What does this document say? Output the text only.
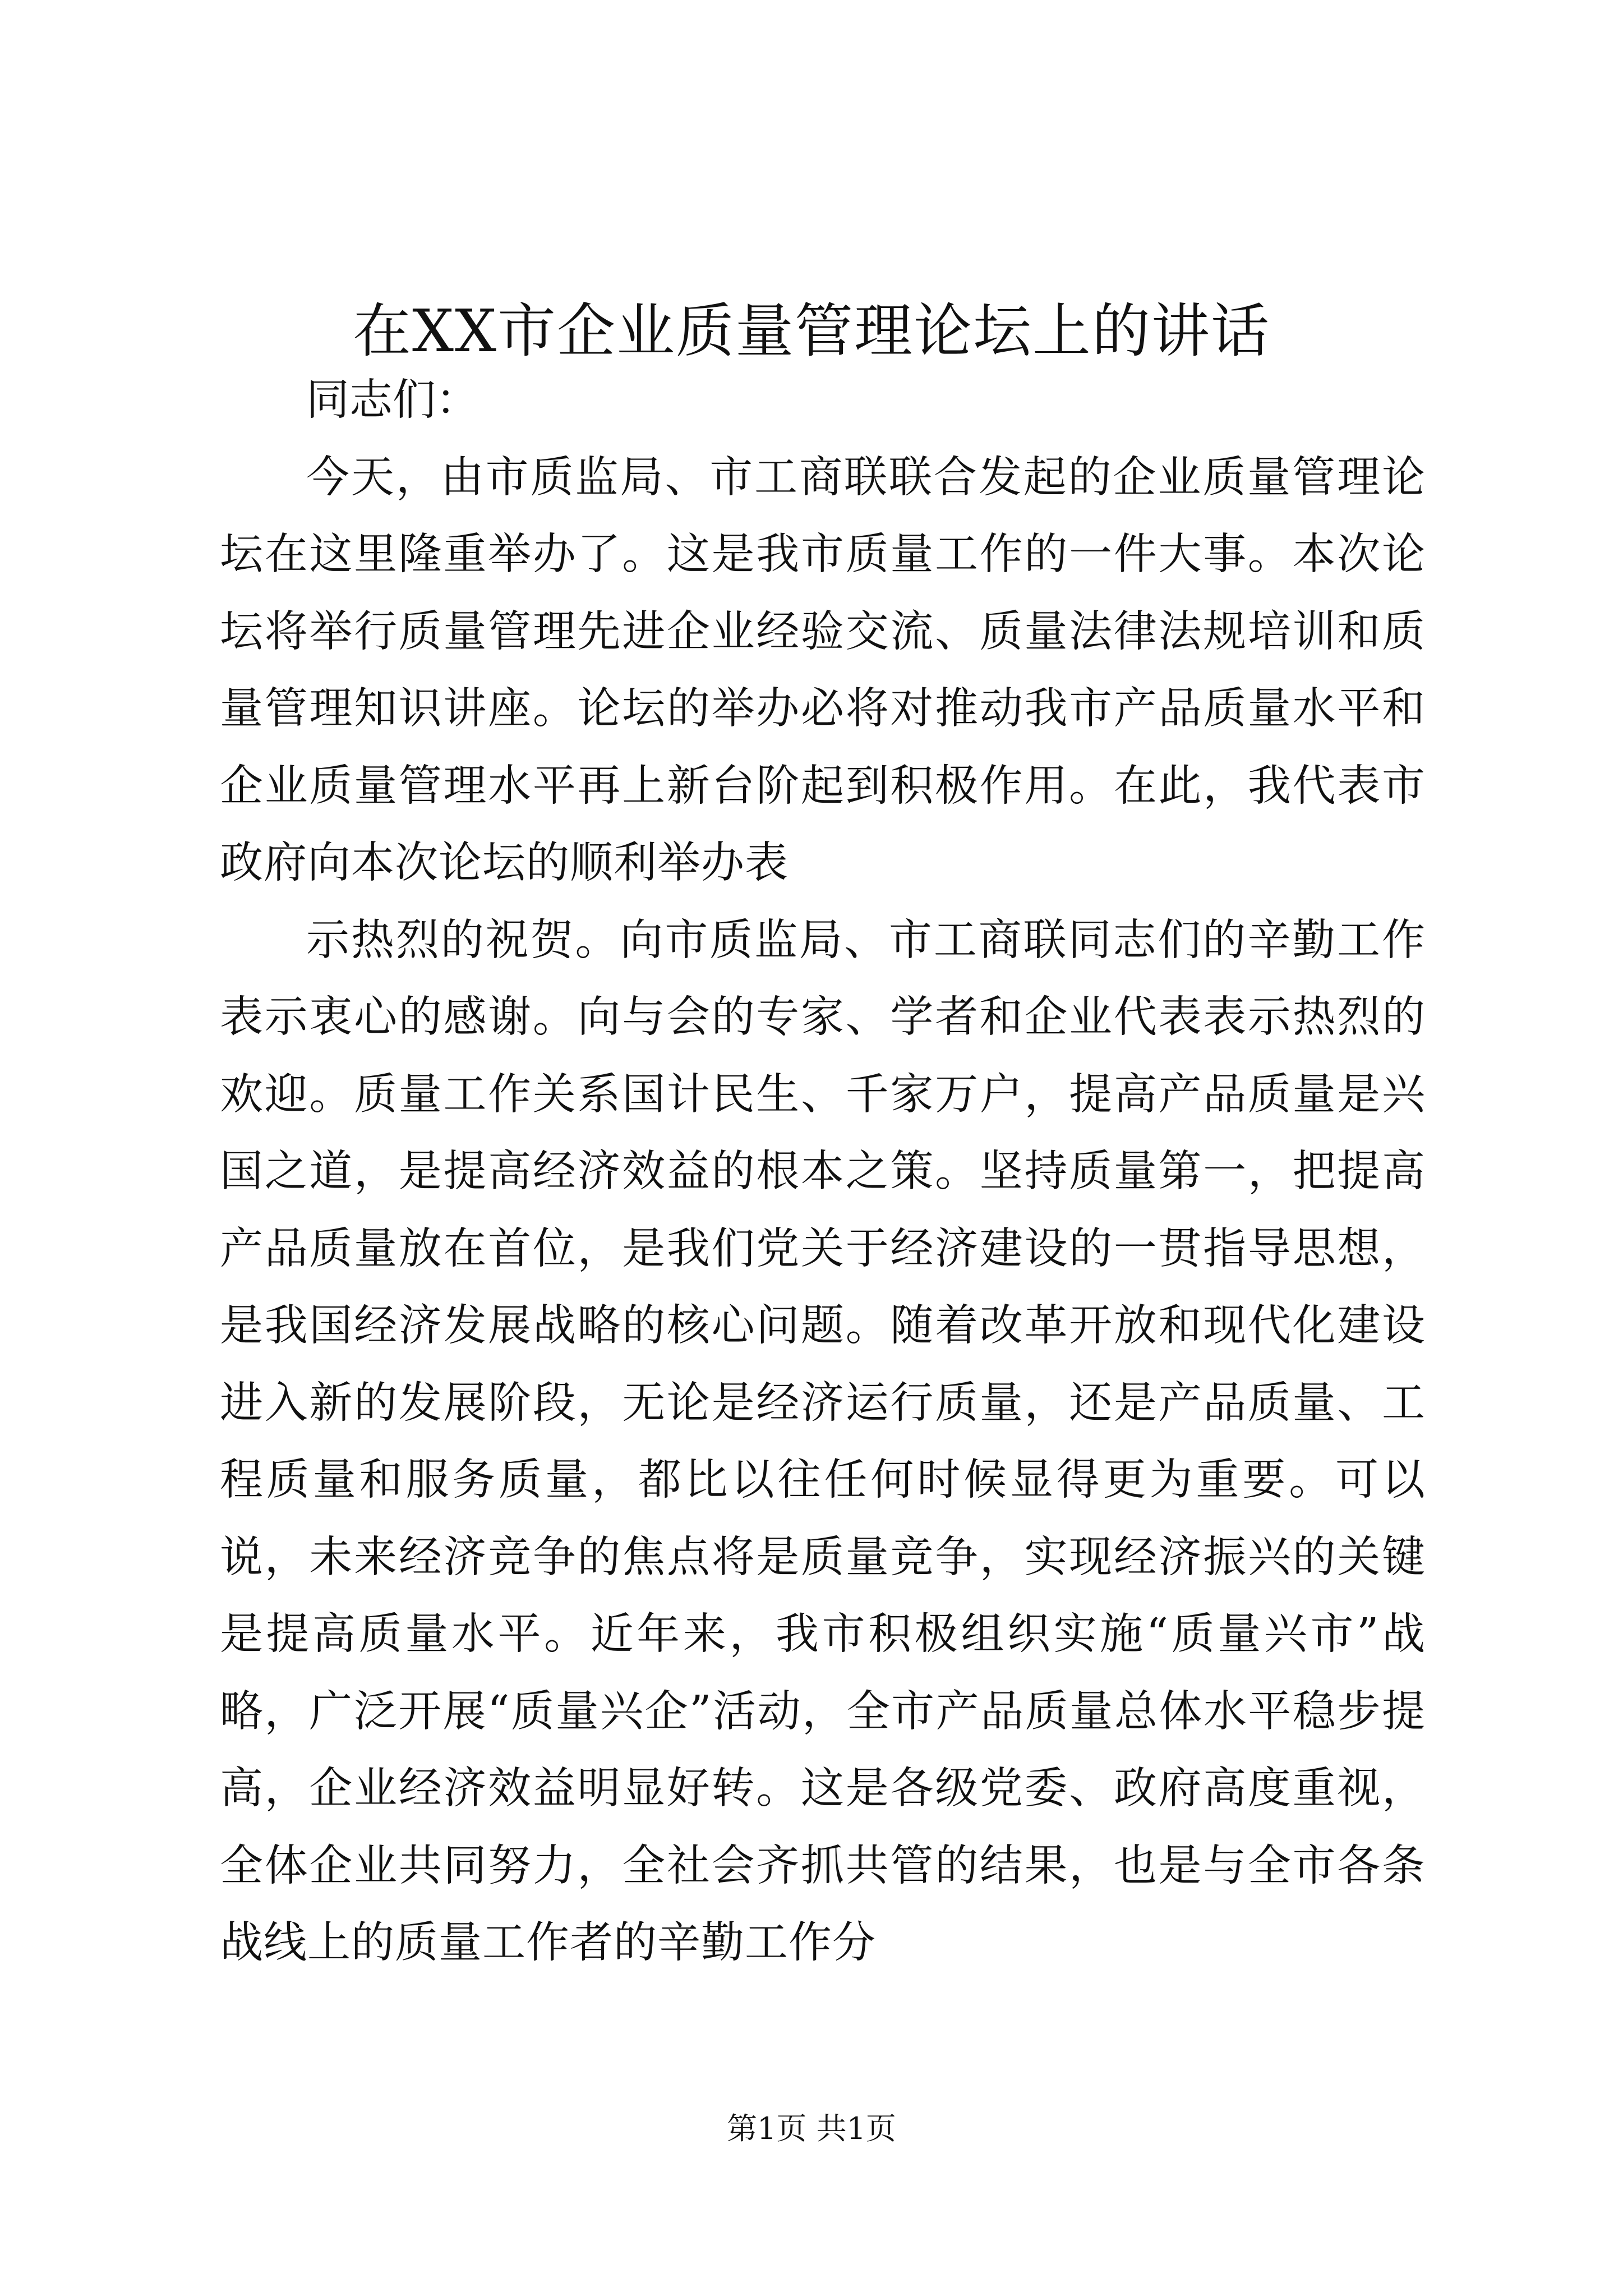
在XX市企业质量管理论坛上的讲话

同志们：

今天，由市质监局、市工商联联合发起的企业质量管理论坛在这里隆重举办了。这是我市质量工作的一件大事。本次论坛将举行质量管理先进企业经验交流、质量法律法规培训和质量管理知识讲座。论坛的举办必将对推动我市产品质量水平和企业质量管理水平再上新台阶起到积极作用。在此，我代表市政府向本次论坛的顺利举办表

示热烈的祝贺。向市质监局、市工商联同志们的辛勤工作表示衷心的感谢。向与会的专家、学者和企业代表表示热烈的欢迎。质量工作关系国计民生、千家万户，提高产品质量是兴国之道，是提高经济效益的根本之策。坚持质量第一，把提高产品质量放在首位，是我们党关于经济建设的一贯指导思想，是我国经济发展战略的核心问题。随着改革开放和现代化建设进入新的发展阶段，无论是经济运行质量，还是产品质量、工程质量和服务质量，都比以往任何时候显得更为重要。可以说，未来经济竞争的焦点将是质量竞争，实现经济振兴的关键是提高质量水平。近年来，我市积极组织实施“质量兴市”战略，广泛开展“质量兴企”活动，全市产品质量总体水平稳步提高，企业经济效益明显好转。这是各级党委、政府高度重视，全体企业共同努力，全社会齐抓共管的结果，也是与全市各条战线上的质量工作者的辛勤工作分

第1页 共1页
